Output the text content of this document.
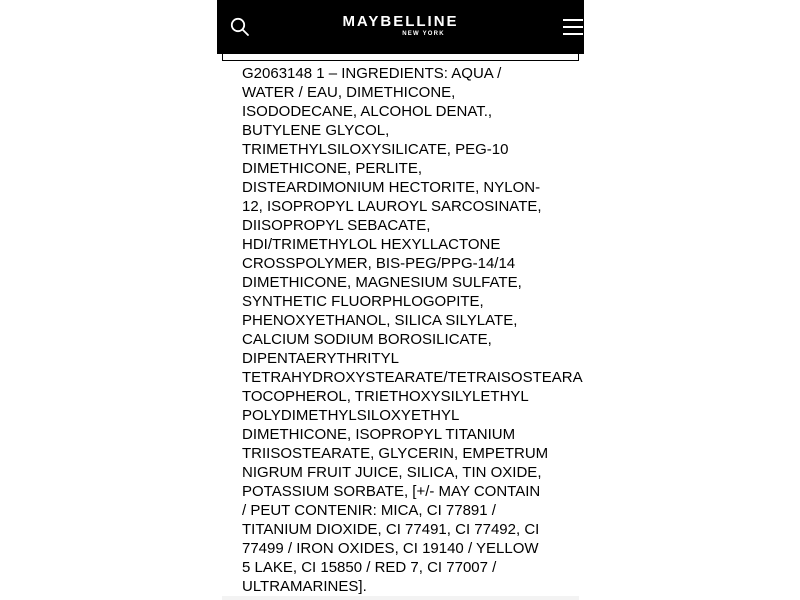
MAYBELLINE
NEW YORK
G2063148 1 – INGREDIENTS: AQUA /
WATER / EAU, DIMETHICONE,
ISODODECANE, ALCOHOL DENAT.,
BUTYLENE GLYCOL,
TRIMETHYLSILOXYSILICATE, PEG-10
DIMETHICONE, PERLITE,
DISTEARDIMONIUM HECTORITE, NYLON-
12, ISOPROPYL LAUROYL SARCOSINATE,
DIISOPROPYL SEBACATE,
HDI/TRIMETHYLOL HEXYLLACTONE
CROSSPOLYMER, BIS-PEG/PPG-14/14
DIMETHICONE, MAGNESIUM SULFATE,
SYNTHETIC FLUORPHLOGOPITE,
PHENOXYETHANOL, SILICA SILYLATE,
CALCIUM SODIUM BOROSILICATE,
DIPENTAERYTHRITYL
TETRAHYDROXYSTEARATE/TETRAISOSTEARA
TOCOPHEROL, TRIETHOXYSILYLETHYL
POLYDIMETHYLSILOXYETHYL
DIMETHICONE, ISOPROPYL TITANIUM
TRIISOSTEARATE, GLYCERIN, EMPETRUM
NIGRUM FRUIT JUICE, SILICA, TIN OXIDE,
POTASSIUM SORBATE, [+/- MAY CONTAIN
/ PEUT CONTENIR: MICA, CI 77891 /
TITANIUM DIOXIDE, CI 77491, CI 77492, CI
77499 / IRON OXIDES, CI 19140 / YELLOW
5 LAKE, CI 15850 / RED 7, CI 77007 /
ULTRAMARINES].
